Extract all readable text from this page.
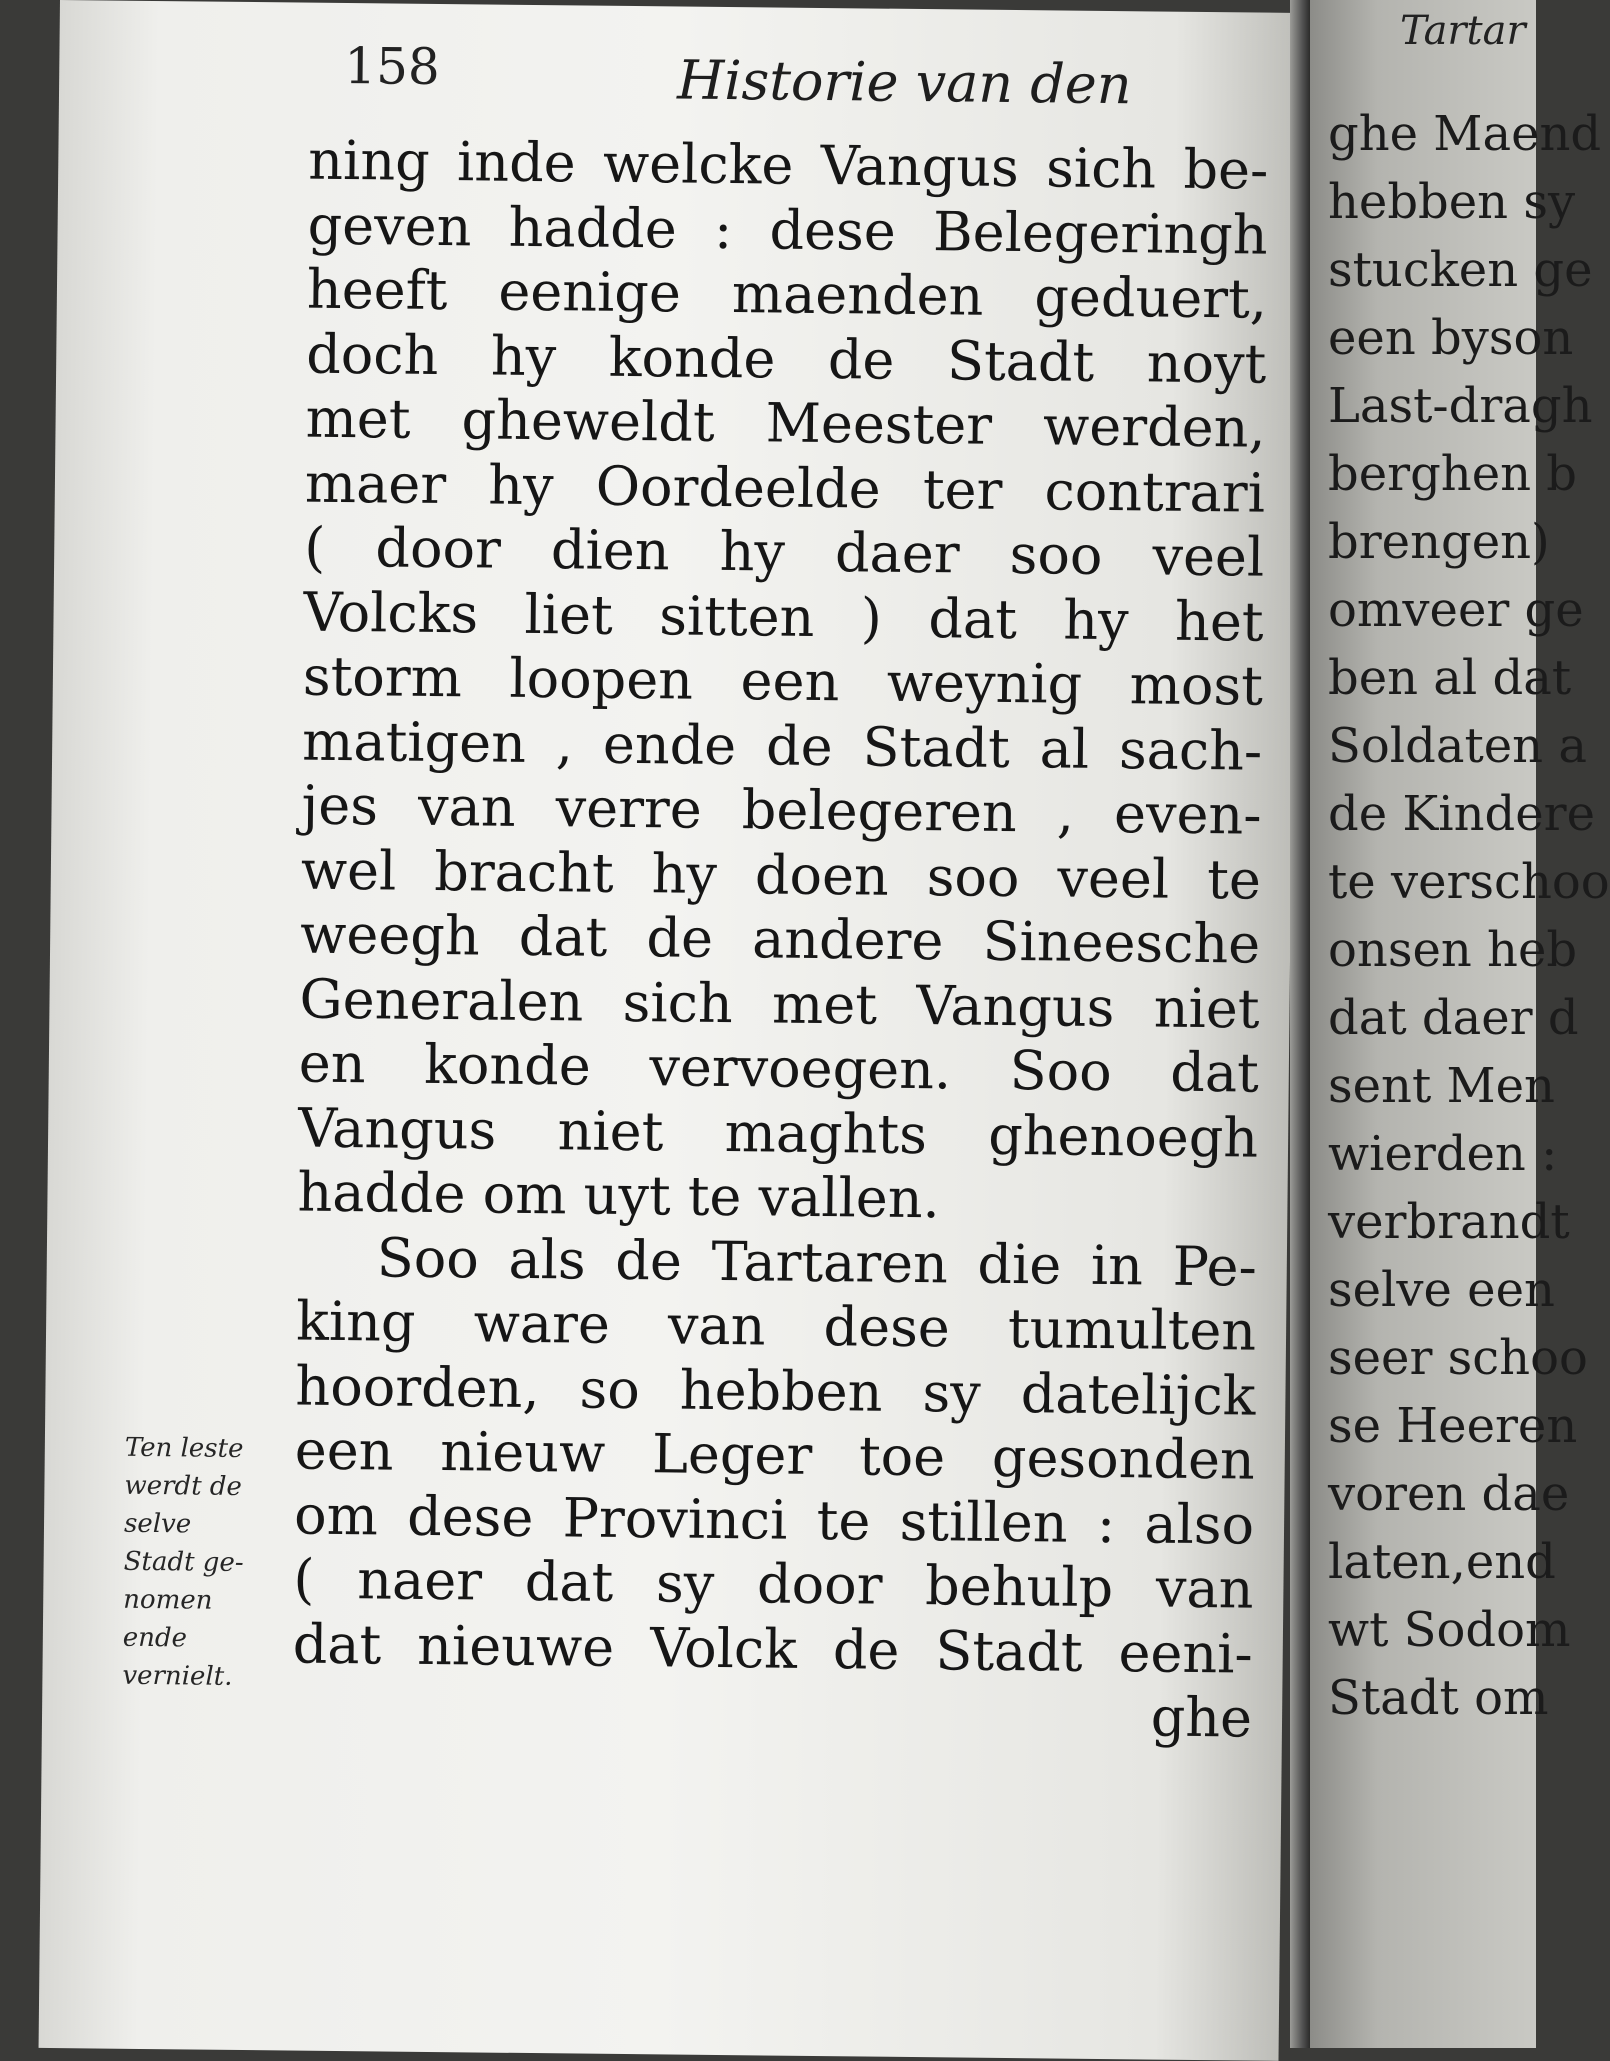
158	Historie van den
ning inde welcke Vangus sich be-
geven hadde : dese Belegeringh
heeft eenige maenden geduert,
doch hy konde de Stadt noyt
met gheweldt Meester werden,
maer hy Oordeelde ter contrari
( door dien hy daer soo veel
Volcks liet sitten ) dat hy het
storm loopen een weynig most
matigen , ende de Stadt al sach-
jes van verre belegeren , even-
wel bracht hy doen soo veel te
weegh dat de andere Sineesche
Generalen sich met Vangus niet
en konde vervoegen. Soo dat
Vangus niet maghts ghenoegh
hadde om uyt te vallen.
Soo als de Tartaren die in Pe-
king ware van dese tumulten
hoorden, so hebben sy datelijck
een nieuw Leger toe gesonden
om dese Provinci te stillen : also
( naer dat sy door behulp van
dat nieuwe Volck de Stadt eeni-
ghe
Ten leste
werdt de
selve
Stadt ge-
nomen
ende
vernielt.
Tartar
ghe Maend
hebben sy
stucken ge
een byson
Last-dragh
berghen b
brengen)
omveer ge
ben al dat
Soldaten a
de Kindere
te verschoo
onsen heb
dat daer d
sent Men
wierden :
verbrandt
selve een
seer schoo
se Heeren
voren dae
laten,end
wt Sodom
Stadt om
